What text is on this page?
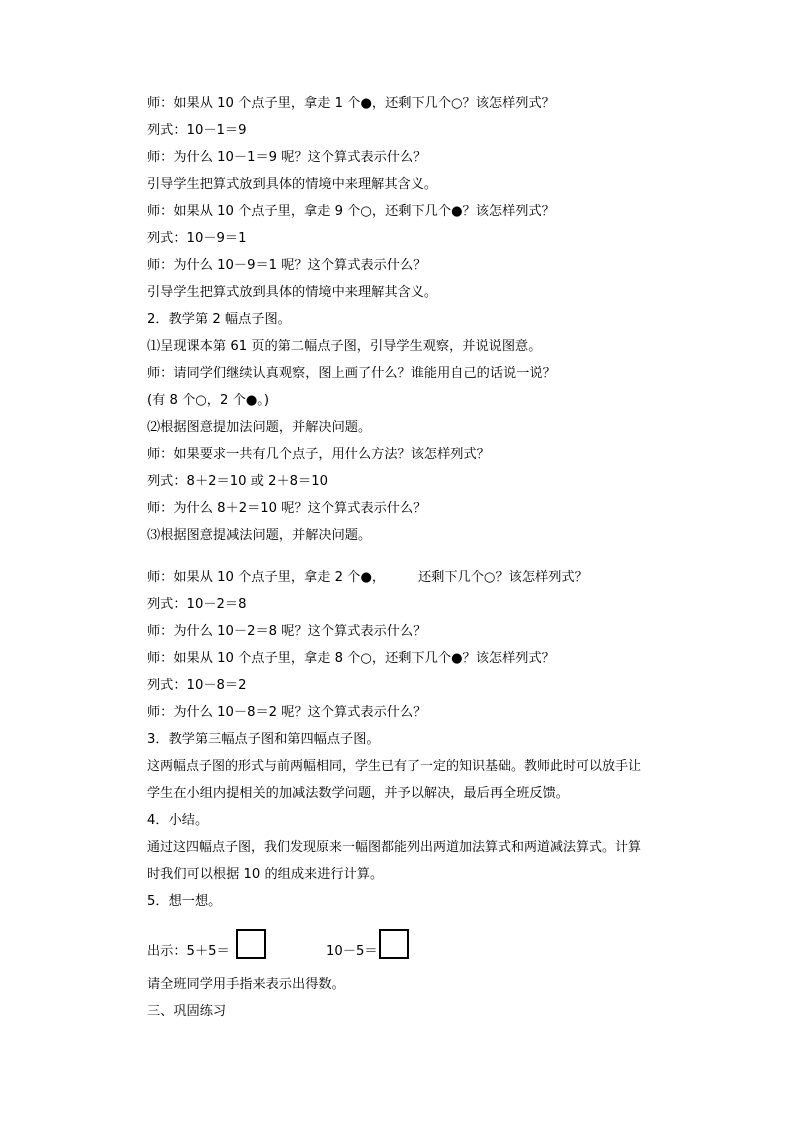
师：如果从 10 个点子里，拿走 1 个●，还剩下几个○？该怎样列式？
列式：10－1＝9
师：为什么 10－1＝9 呢？这个算式表示什么？
引导学生把算式放到具体的情境中来理解其含义。
师：如果从 10 个点子里，拿走 9 个○，还剩下几个●？该怎样列式？
列式：10－9＝1
师：为什么 10－9＝1 呢？这个算式表示什么？
引导学生把算式放到具体的情境中来理解其含义。
2．教学第 2 幅点子图。
⑴呈现课本第 61 页的第二幅点子图，引导学生观察，并说说图意。
师：请同学们继续认真观察，图上画了什么？谁能用自己的话说一说？
(有 8 个○，2 个●。)
⑵根据图意提加法问题，并解决问题。
师：如果要求一共有几个点子，用什么方法？该怎样列式？
列式：8＋2＝10 或 2＋8＝10
师：为什么 8＋2＝10 呢？这个算式表示什么？
⑶根据图意提减法问题，并解决问题。
师：如果从 10 个点子里，拿走 2 个●， 还剩下几个○？该怎样列式？
列式：10－2＝8
师：为什么 10－2＝8 呢？这个算式表示什么？
师：如果从 10 个点子里，拿走 8 个○，还剩下几个●？该怎样列式？
列式：10－8＝2
师：为什么 10－8＝2 呢？这个算式表示什么？
3．教学第三幅点子图和第四幅点子图。
这两幅点子图的形式与前两幅相同，学生已有了一定的知识基础。教师此时可以放手让
学生在小组内提相关的加减法数学问题，并予以解决，最后再全班反馈。
4．小结。
通过这四幅点子图，我们发现原来一幅图都能列出两道加法算式和两道减法算式。计算
时我们可以根据 10 的组成来进行计算。
5．想一想。
出示：5＋5＝	10－5＝
请全班同学用手指来表示出得数。
三、巩固练习
